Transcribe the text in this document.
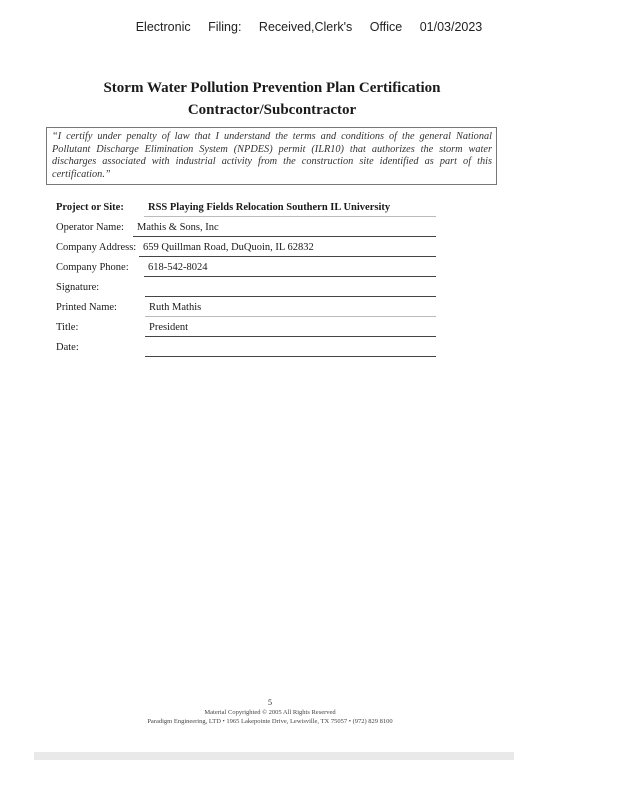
Electronic Filing: Received,Clerk's Office 01/03/2023
Storm Water Pollution Prevention Plan Certification
Contractor/Subcontractor
“I certify under penalty of law that I understand the terms and conditions of the general National Pollutant Discharge Elimination System (NPDES) permit (ILR10) that authorizes the storm water discharges associated with industrial activity from the construction site identified as part of this certification.”
Project or Site:	RSS Playing Fields Relocation Southern IL University
Operator Name:	Mathis & Sons, Inc
Company Address: 659 Quillman Road, DuQuoin, IL 62832
Company Phone:	618-542-8024
Signature:
Printed Name:	Ruth Mathis
Title:	President
Date:
5
Material Copyrighted © 2005 All Rights Reserved
Paradigm Engineering, LTD • 1965 Lakepointe Drive, Lewisville, TX 75057 • (972) 829 8100
